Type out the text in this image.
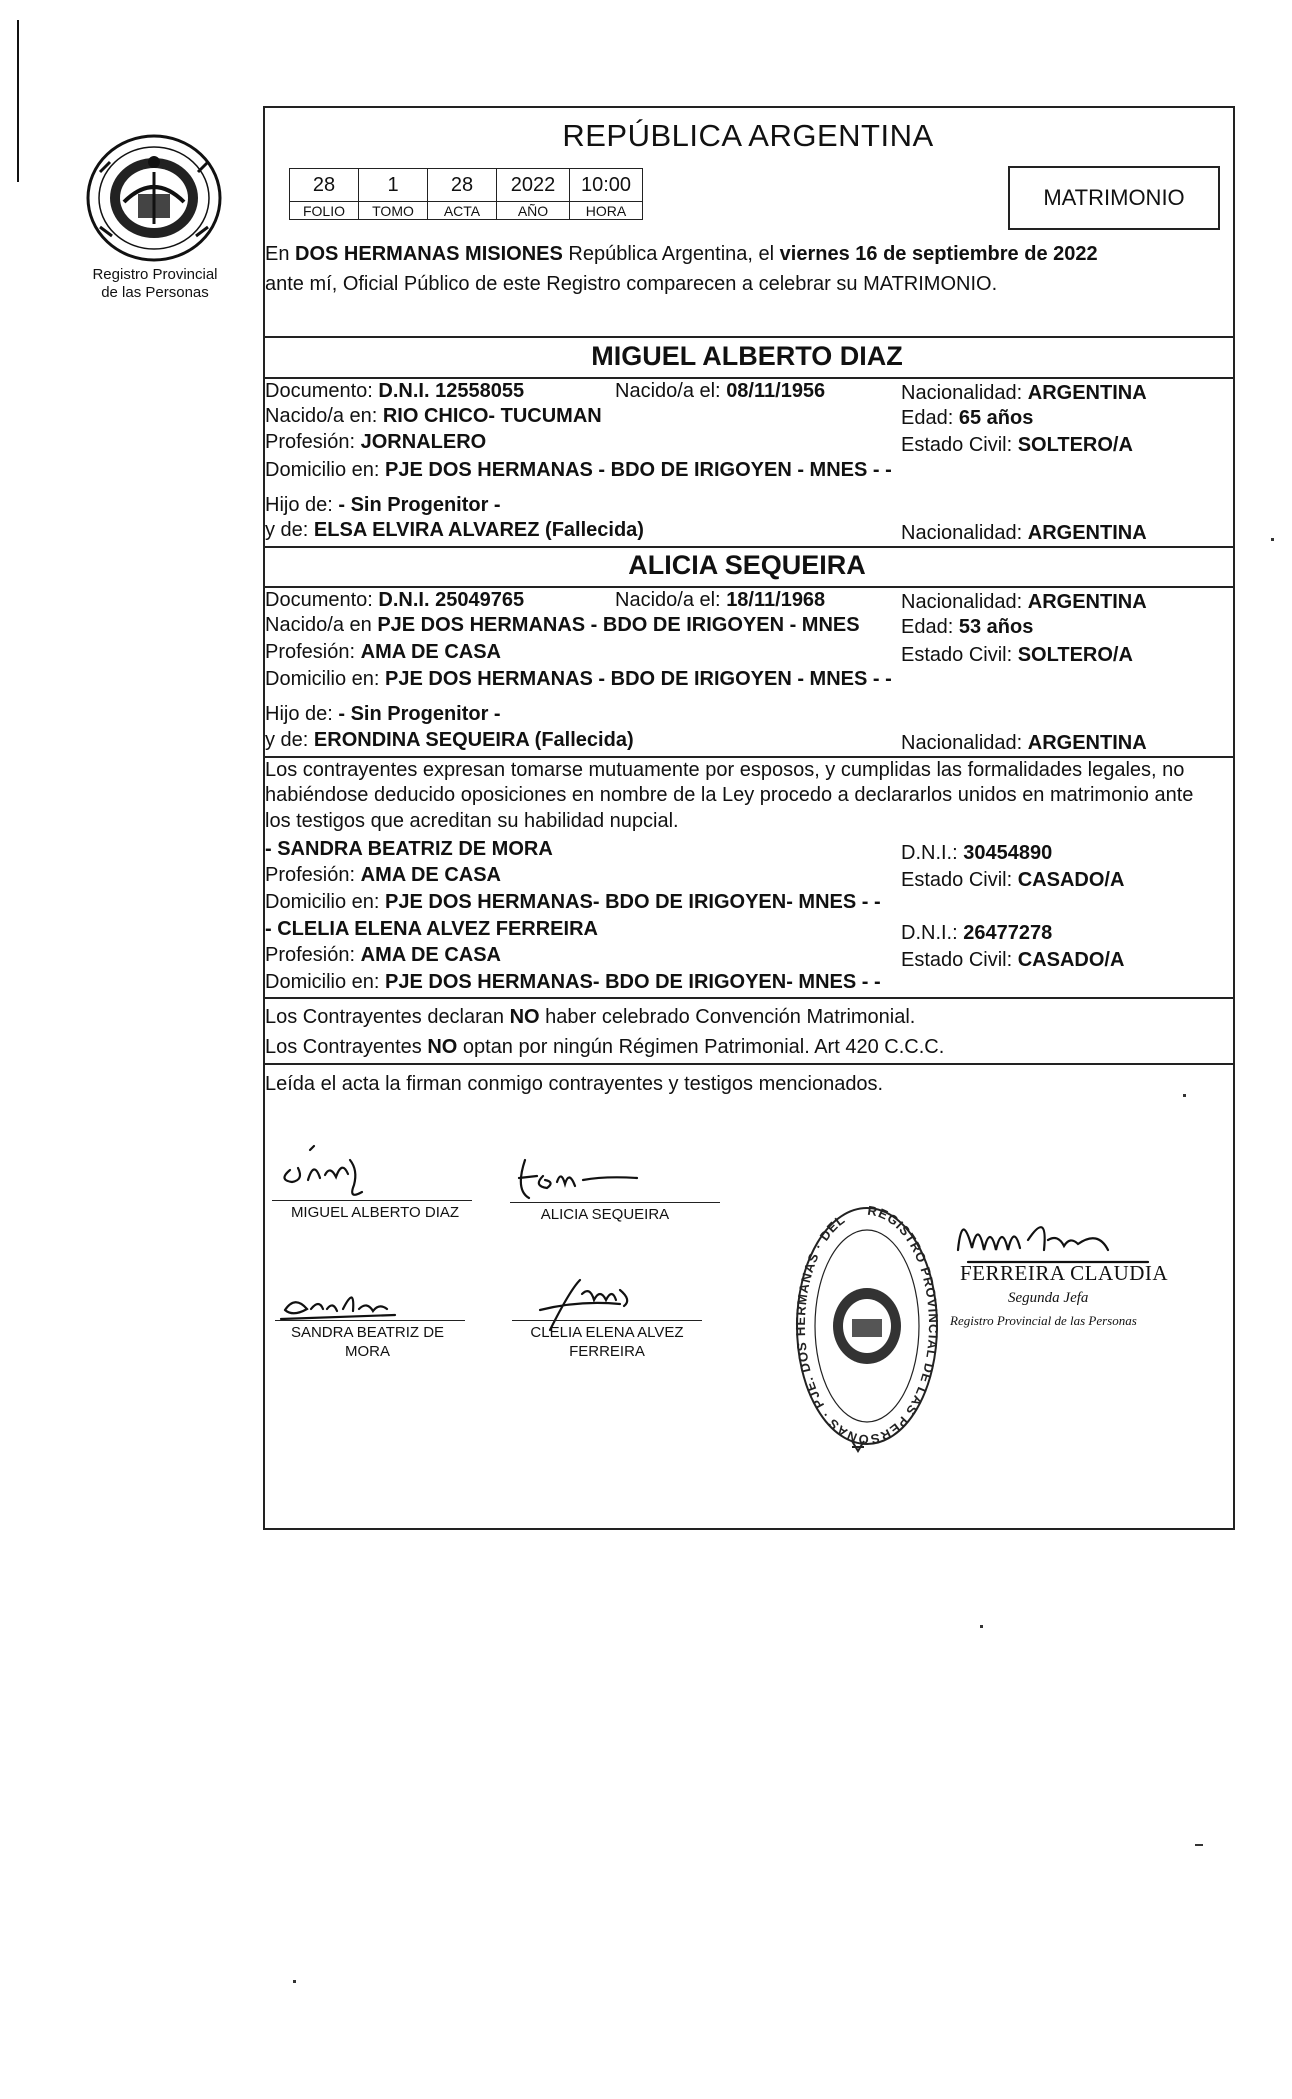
Registro Provincial
de las Personas
REPÚBLICA ARGENTINA
28	1	28	2022	10:00
FOLIO	TOMO	ACTA	AÑO	HORA
MATRIMONIO
En DOS HERMANAS MISIONES República Argentina, el viernes 16 de septiembre de 2022
ante mí, Oficial Público de este Registro comparecen a celebrar su MATRIMONIO.
MIGUEL ALBERTO DIAZ
Documento: D.N.I. 12558055	Nacido/a el: 08/11/1956	Nacionalidad: ARGENTINA
Nacido/a en: RIO CHICO- TUCUMAN	Edad: 65 años
Profesión: JORNALERO	Estado Civil: SOLTERO/A
Domicilio en: PJE DOS HERMANAS - BDO DE IRIGOYEN - MNES - -
Hijo de: - Sin Progenitor -
y de: ELSA ELVIRA ALVAREZ (Fallecida)	Nacionalidad: ARGENTINA
ALICIA SEQUEIRA
Documento: D.N.I. 25049765	Nacido/a el: 18/11/1968	Nacionalidad: ARGENTINA
Nacido/a en PJE DOS HERMANAS - BDO DE IRIGOYEN - MNES Edad: 53 años
Profesión: AMA DE CASA	Estado Civil: SOLTERO/A
Domicilio en: PJE DOS HERMANAS - BDO DE IRIGOYEN - MNES - -
Hijo de: - Sin Progenitor -
y de: ERONDINA SEQUEIRA (Fallecida)	Nacionalidad: ARGENTINA
Los contrayentes expresan tomarse mutuamente por esposos, y cumplidas las formalidades legales, no
habiéndose deducido oposiciones en nombre de la Ley procedo a declararlos unidos en matrimonio ante
los testigos que acreditan su habilidad nupcial.
- SANDRA BEATRIZ DE MORA	D.N.I.: 30454890
Profesión: AMA DE CASA	Estado Civil: CASADO/A
Domicilio en: PJE DOS HERMANAS- BDO DE IRIGOYEN- MNES - -
- CLELIA ELENA ALVEZ FERREIRA	D.N.I.: 26477278
Profesión: AMA DE CASA	Estado Civil: CASADO/A
Domicilio en: PJE DOS HERMANAS- BDO DE IRIGOYEN- MNES - -
Los Contrayentes declaran NO haber celebrado Convención Matrimonial.
Los Contrayentes NO optan por ningún Régimen Patrimonial. Art 420 C.C.C.
Leída el acta la firman conmigo contrayentes y testigos mencionados.
MIGUEL ALBERTO DIAZ	ALICIA SEQUEIRA
SANDRA BEATRIZ DE
MORA
CLELIA ELENA ALVEZ
FERREIRA
REGISTRO PROVINCIAL DE LAS PERSONAS · PJE. DOS HERMANAS · DEL
FERREIRA CLAUDIA
Segunda Jefa
Registro Provincial de las Personas
